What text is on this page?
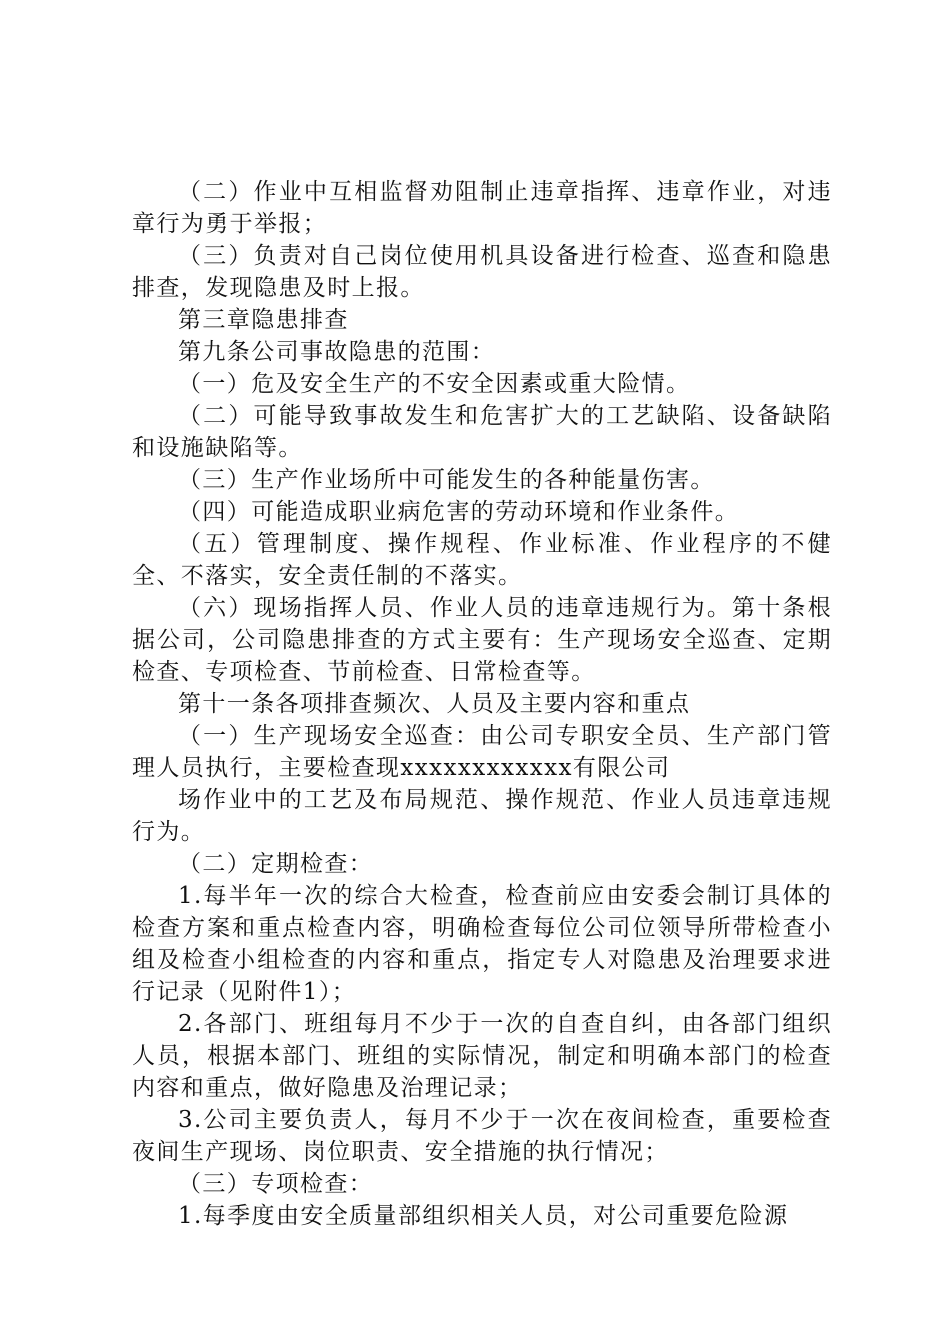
（二）作业中互相监督劝阻制止违章指挥、违章作业，对违章行为勇于举报；

（三）负责对自己岗位使用机具设备进行检查、巡查和隐患排查，发现隐患及时上报。

第三章隐患排查

第九条公司事故隐患的范围：

（一）危及安全生产的不安全因素或重大险情。

（二）可能导致事故发生和危害扩大的工艺缺陷、设备缺陷和设施缺陷等。

（三）生产作业场所中可能发生的各种能量伤害。

（四）可能造成职业病危害的劳动环境和作业条件。

（五）管理制度、操作规程、作业标准、作业程序的不健全、不落实，安全责任制的不落实。

（六）现场指挥人员、作业人员的违章违规行为。第十条根据公司，公司隐患排查的方式主要有：生产现场安全巡查、定期检查、专项检查、节前检查、日常检查等。

第十一条各项排查频次、人员及主要内容和重点

（一）生产现场安全巡查：由公司专职安全员、生产部门管理人员执行，主要检查现xxxxxxxxxxxx有限公司

场作业中的工艺及布局规范、操作规范、作业人员违章违规行为。

（二）定期检查：

1.每半年一次的综合大检查，检查前应由安委会制订具体的检查方案和重点检查内容，明确检查每位公司位领导所带检查小组及检查小组检查的内容和重点，指定专人对隐患及治理要求进行记录（见附件1）；

2.各部门、班组每月不少于一次的自查自纠，由各部门组织人员，根据本部门、班组的实际情况，制定和明确本部门的检查内容和重点，做好隐患及治理记录；

3.公司主要负责人，每月不少于一次在夜间检查，重要检查夜间生产现场、岗位职责、安全措施的执行情况；

（三）专项检查：

1.每季度由安全质量部组织相关人员，对公司重要危险源
